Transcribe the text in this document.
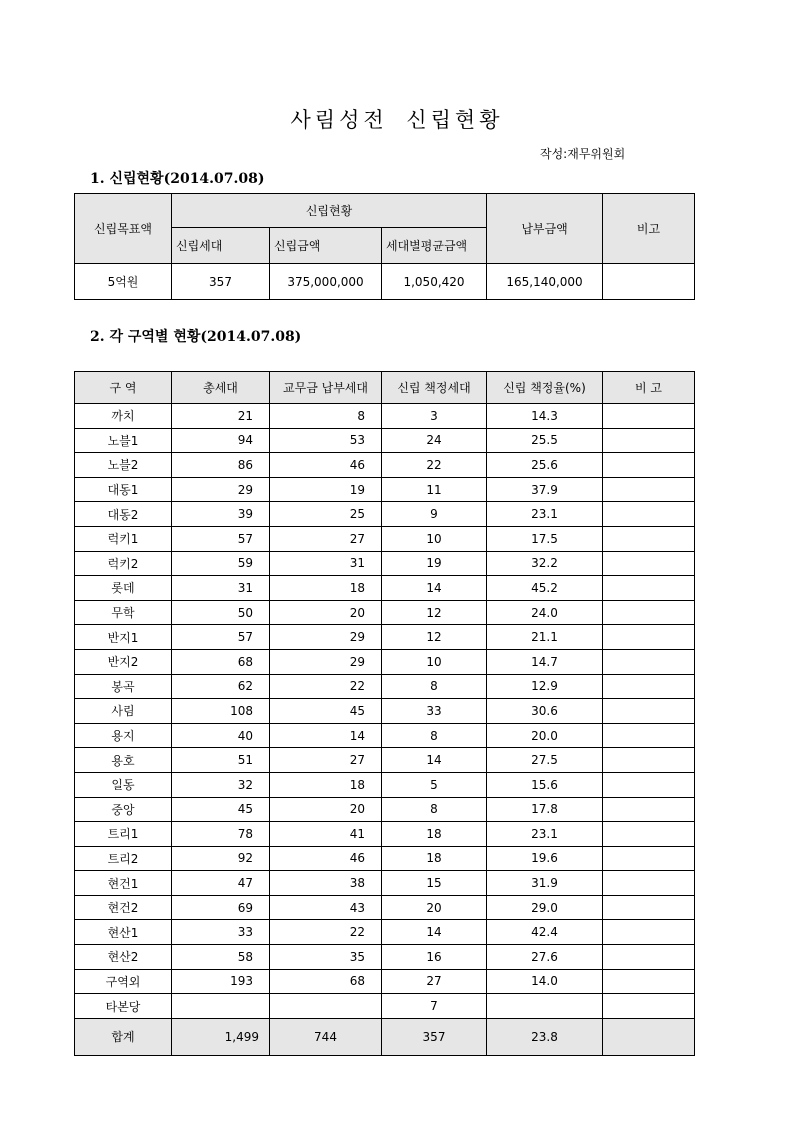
사림성전 신립현황
작성:재무위원회
1. 신립현황(2014.07.08)
신립목표액	신립현황			납부금액	비고
	신립세대	신립금액	세대별평균금액		
5억원	357	375,000,000	1,050,420	165,140,000	
2. 각 구역별 현황(2014.07.08)
구 역	총세대	교무금 납부세대	신립 책정세대	신립 책정율(%)	비 고
까치	21	8	3	14.3	
노블1	94	53	24	25.5	
노블2	86	46	22	25.6	
대동1	29	19	11	37.9	
대동2	39	25	9	23.1	
럭키1	57	27	10	17.5	
럭키2	59	31	19	32.2	
롯데	31	18	14	45.2	
무학	50	20	12	24.0	
반지1	57	29	12	21.1	
반지2	68	29	10	14.7	
봉곡	62	22	8	12.9	
사림	108	45	33	30.6	
용지	40	14	8	20.0	
용호	51	27	14	27.5	
일동	32	18	5	15.6	
중앙	45	20	8	17.8	
트리1	78	41	18	23.1	
트리2	92	46	18	19.6	
현건1	47	38	15	31.9	
현건2	69	43	20	29.0	
현산1	33	22	14	42.4	
현산2	58	35	16	27.6	
구역외	193	68	27	14.0	
타본당			7		
합계	1,499	744	357	23.8	
